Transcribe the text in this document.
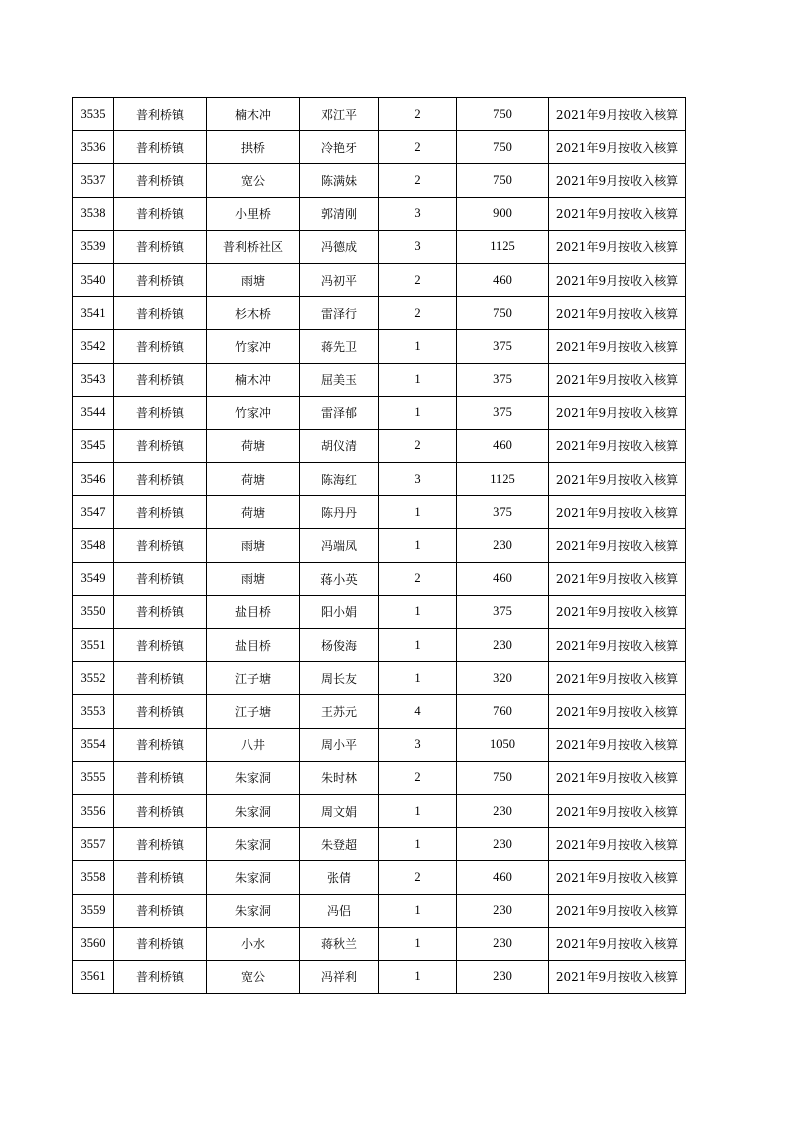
3535	普利桥镇	楠木冲	邓江平	2	750	2021年9月按收入核算
3536	普利桥镇	拱桥	冷艳牙	2	750	2021年9月按收入核算
3537	普利桥镇	宽公	陈满妹	2	750	2021年9月按收入核算
3538	普利桥镇	小里桥	郭清刚	3	900	2021年9月按收入核算
3539	普利桥镇	普利桥社区	冯德成	3	1125	2021年9月按收入核算
3540	普利桥镇	雨塘	冯初平	2	460	2021年9月按收入核算
3541	普利桥镇	杉木桥	雷泽行	2	750	2021年9月按收入核算
3542	普利桥镇	竹家冲	蒋先卫	1	375	2021年9月按收入核算
3543	普利桥镇	楠木冲	屈美玉	1	375	2021年9月按收入核算
3544	普利桥镇	竹家冲	雷泽郁	1	375	2021年9月按收入核算
3545	普利桥镇	荷塘	胡仪清	2	460	2021年9月按收入核算
3546	普利桥镇	荷塘	陈海红	3	1125	2021年9月按收入核算
3547	普利桥镇	荷塘	陈丹丹	1	375	2021年9月按收入核算
3548	普利桥镇	雨塘	冯端凤	1	230	2021年9月按收入核算
3549	普利桥镇	雨塘	蒋小英	2	460	2021年9月按收入核算
3550	普利桥镇	盐目桥	阳小娟	1	375	2021年9月按收入核算
3551	普利桥镇	盐目桥	杨俊海	1	230	2021年9月按收入核算
3552	普利桥镇	江子塘	周长友	1	320	2021年9月按收入核算
3553	普利桥镇	江子塘	王苏元	4	760	2021年9月按收入核算
3554	普利桥镇	八井	周小平	3	1050	2021年9月按收入核算
3555	普利桥镇	朱家洞	朱时林	2	750	2021年9月按收入核算
3556	普利桥镇	朱家洞	周文娟	1	230	2021年9月按收入核算
3557	普利桥镇	朱家洞	朱登超	1	230	2021年9月按收入核算
3558	普利桥镇	朱家洞	张倩	2	460	2021年9月按收入核算
3559	普利桥镇	朱家洞	冯侣	1	230	2021年9月按收入核算
3560	普利桥镇	小水	蒋秋兰	1	230	2021年9月按收入核算
3561	普利桥镇	宽公	冯祥利	1	230	2021年9月按收入核算
